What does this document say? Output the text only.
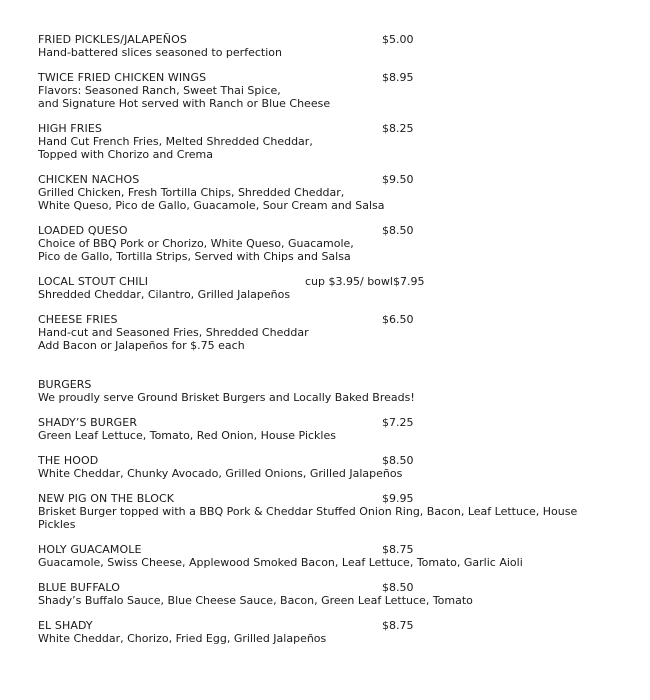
FRIED PICKLES/JALAPEÑOS	$5.00
Hand-battered slices seasoned to perfection
TWICE FRIED CHICKEN WINGS	$8.95
Flavors: Seasoned Ranch, Sweet Thai Spice,
and Signature Hot served with Ranch or Blue Cheese
HIGH FRIES	$8.25
Hand Cut French Fries, Melted Shredded Cheddar,
Topped with Chorizo and Crema
CHICKEN NACHOS	$9.50
Grilled Chicken, Fresh Tortilla Chips, Shredded Cheddar,
White Queso, Pico de Gallo, Guacamole, Sour Cream and Salsa
LOADED QUESO	$8.50
Choice of BBQ Pork or Chorizo, White Queso, Guacamole,
Pico de Gallo, Tortilla Strips, Served with Chips and Salsa
LOCAL STOUT CHILI	cup $3.95/ bowl$7.95
Shredded Cheddar, Cilantro, Grilled Jalapeños
CHEESE FRIES	$6.50
Hand-cut and Seasoned Fries, Shredded Cheddar
Add Bacon or Jalapeños for $.75 each
BURGERS
We proudly serve Ground Brisket Burgers and Locally Baked Breads!
SHADY’S BURGER	$7.25
Green Leaf Lettuce, Tomato, Red Onion, House Pickles
THE HOOD	$8.50
White Cheddar, Chunky Avocado, Grilled Onions, Grilled Jalapeños
NEW PIG ON THE BLOCK	$9.95
Brisket Burger topped with a BBQ Pork & Cheddar Stuffed Onion Ring, Bacon, Leaf Lettuce, House Pickles
HOLY GUACAMOLE	$8.75
Guacamole, Swiss Cheese, Applewood Smoked Bacon, Leaf Lettuce, Tomato, Garlic Aioli
BLUE BUFFALO	$8.50
Shady’s Buffalo Sauce, Blue Cheese Sauce, Bacon, Green Leaf Lettuce, Tomato
EL SHADY	$8.75
White Cheddar, Chorizo, Fried Egg, Grilled Jalapeños
